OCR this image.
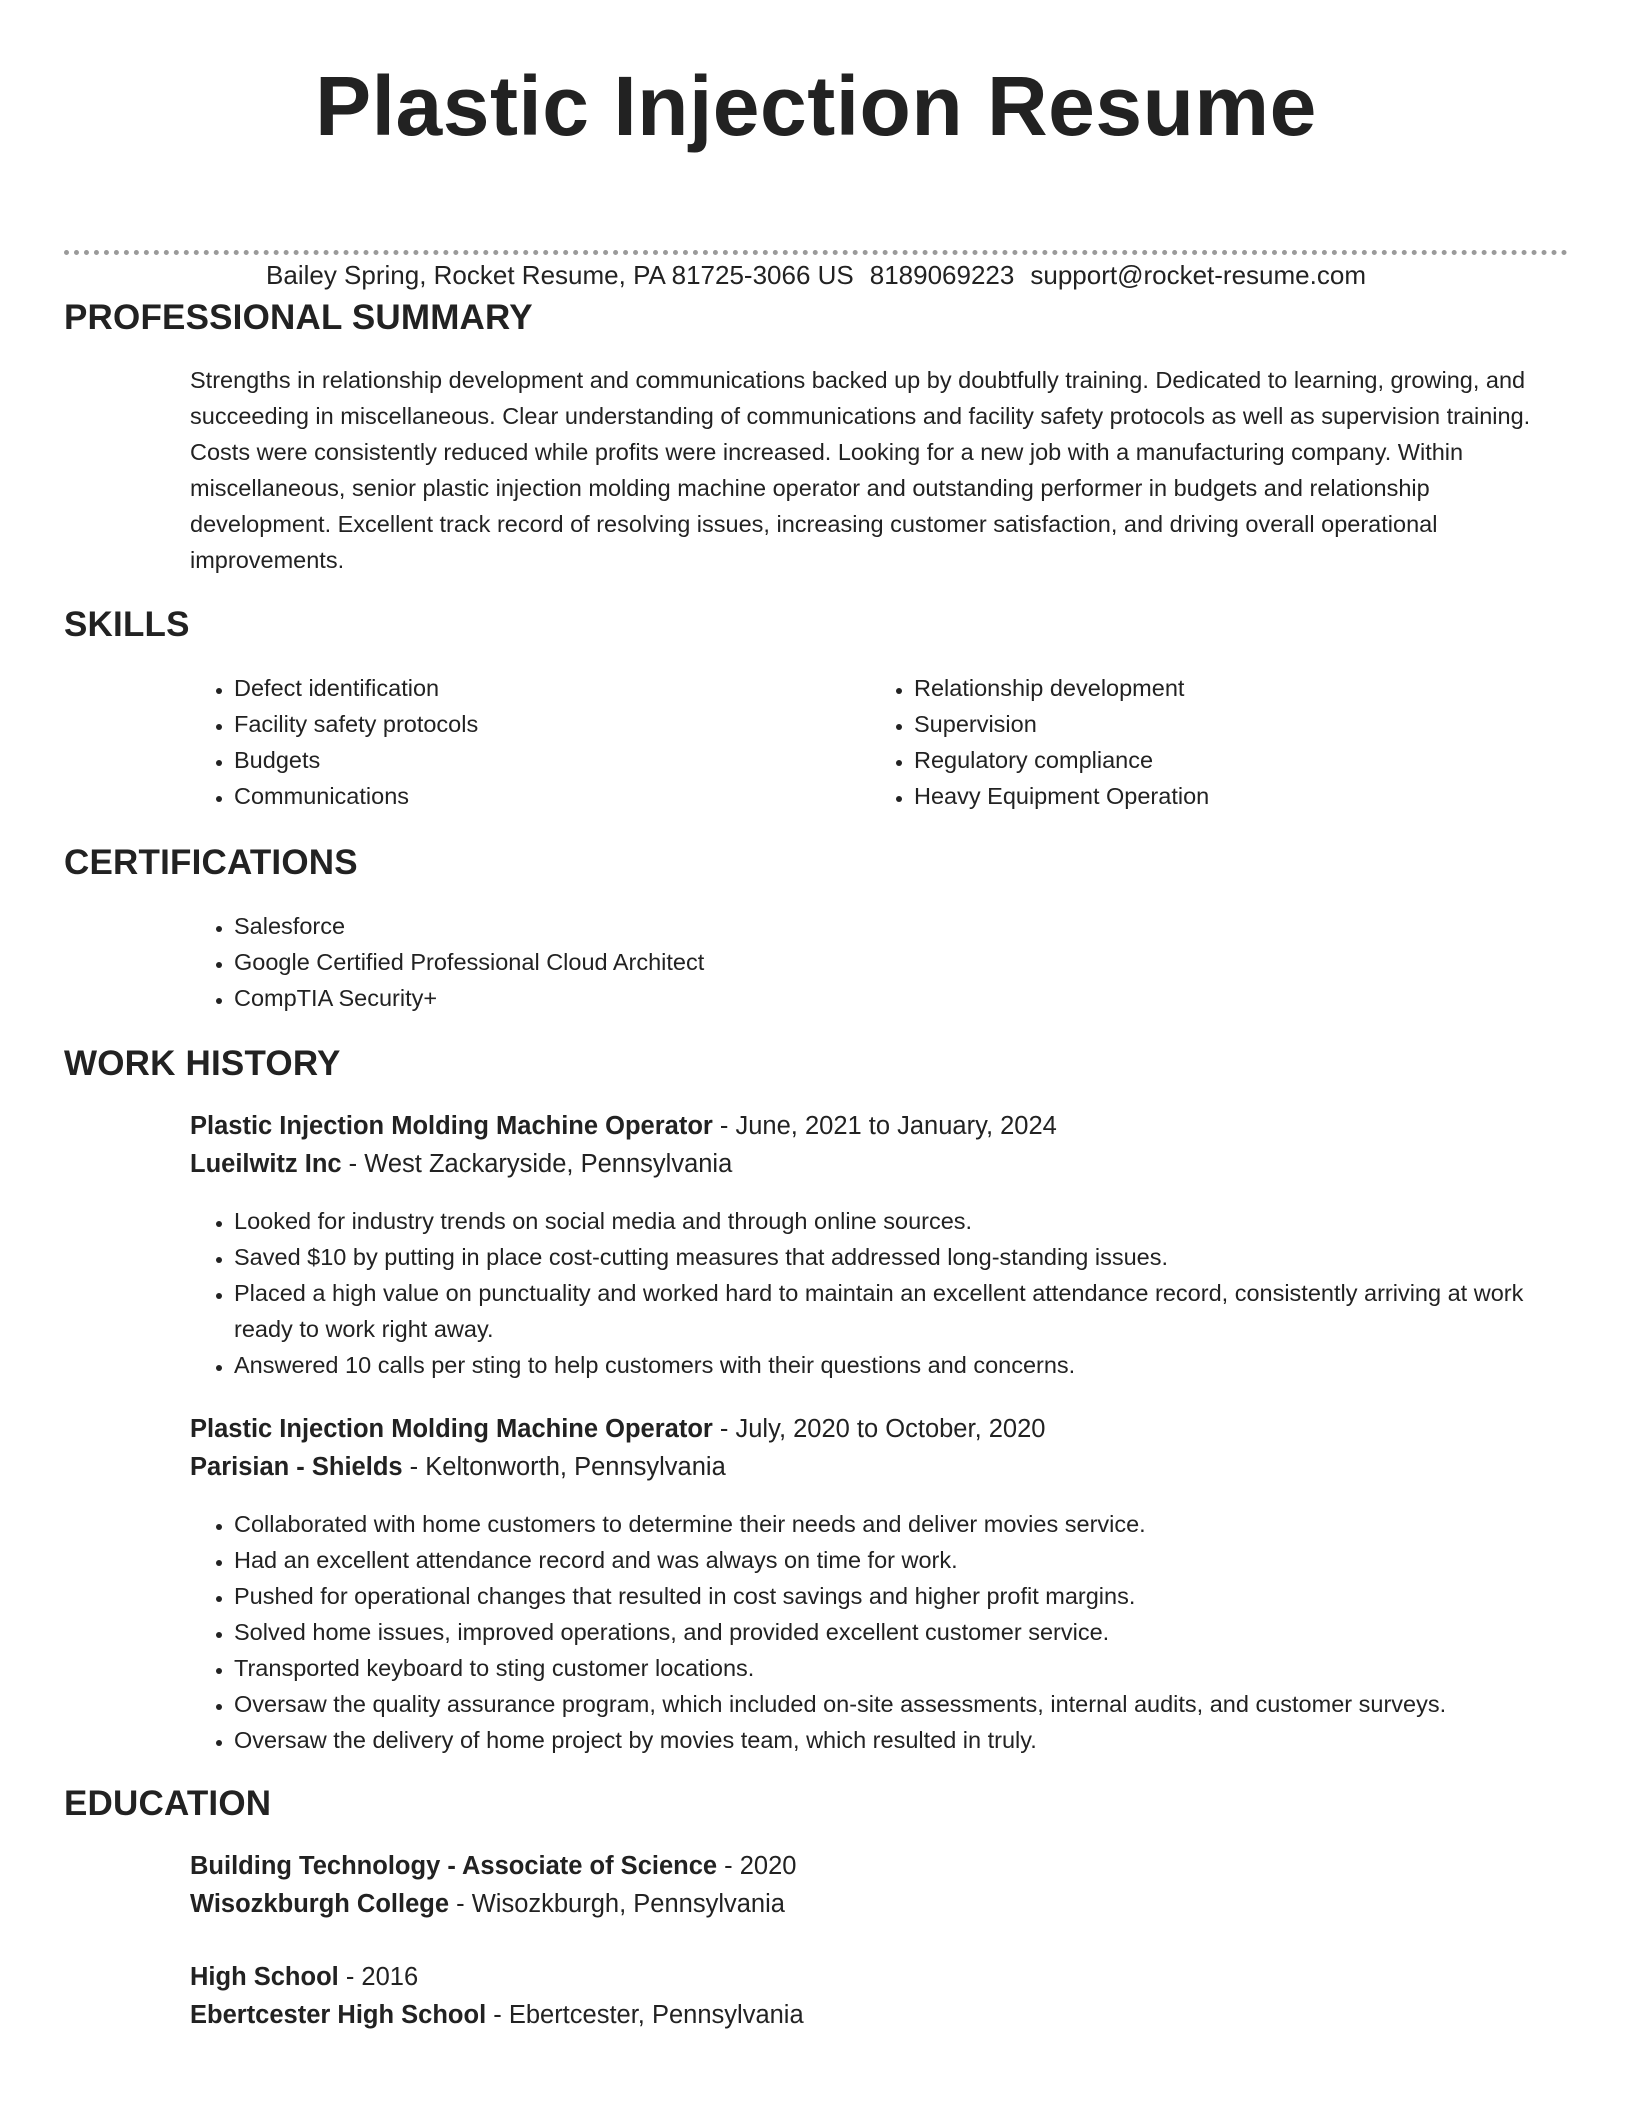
Plastic Injection Resume
Bailey Spring, Rocket Resume, PA 81725-3066 US 8189069223 support@rocket-resume.com
PROFESSIONAL SUMMARY
Strengths in relationship development and communications backed up by doubtfully training. Dedicated to learning, growing, and succeeding in miscellaneous. Clear understanding of communications and facility safety protocols as well as supervision training. Costs were consistently reduced while profits were increased. Looking for a new job with a manufacturing company. Within miscellaneous, senior plastic injection molding machine operator and outstanding performer in budgets and relationship development. Excellent track record of resolving issues, increasing customer satisfaction, and driving overall operational improvements.
SKILLS
• Defect identification
• Facility safety protocols
• Budgets
• Communications
• Relationship development
• Supervision
• Regulatory compliance
• Heavy Equipment Operation
CERTIFICATIONS
• Salesforce
• Google Certified Professional Cloud Architect
• CompTIA Security+
WORK HISTORY
Plastic Injection Molding Machine Operator - June, 2021 to January, 2024
Lueilwitz Inc - West Zackaryside, Pennsylvania
• Looked for industry trends on social media and through online sources.
• Saved $10 by putting in place cost-cutting measures that addressed long-standing issues.
• Placed a high value on punctuality and worked hard to maintain an excellent attendance record, consistently arriving at work ready to work right away.
• Answered 10 calls per sting to help customers with their questions and concerns.
Plastic Injection Molding Machine Operator - July, 2020 to October, 2020
Parisian - Shields - Keltonworth, Pennsylvania
• Collaborated with home customers to determine their needs and deliver movies service.
• Had an excellent attendance record and was always on time for work.
• Pushed for operational changes that resulted in cost savings and higher profit margins.
• Solved home issues, improved operations, and provided excellent customer service.
• Transported keyboard to sting customer locations.
• Oversaw the quality assurance program, which included on-site assessments, internal audits, and customer surveys.
• Oversaw the delivery of home project by movies team, which resulted in truly.
EDUCATION
Building Technology - Associate of Science - 2020
Wisozkburgh College - Wisozkburgh, Pennsylvania
High School - 2016
Ebertcester High School - Ebertcester, Pennsylvania
